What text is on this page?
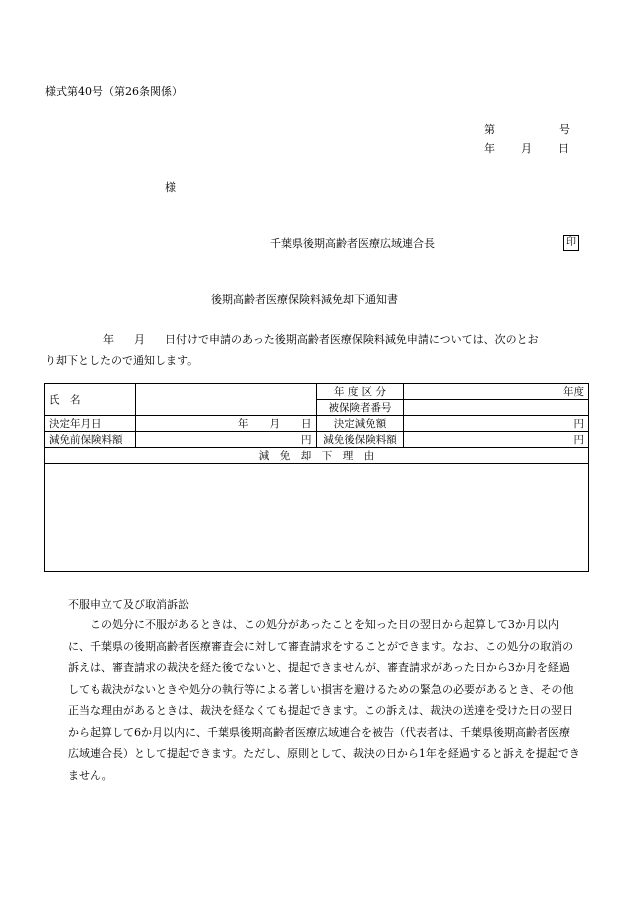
様式第40号（第26条関係）
第	号
年 月 日
様
千葉県後期高齢者医療広域連合長	印
後期高齢者医療保険料減免却下通知書
年 月 日付けで申請のあった後期高齢者医療保険料減免申請については、次のとお
り却下としたので通知します。
氏　名		年 度 区 分	年度
		被保険者番号	
決定年月日	年　　月　　日	決定減免額	円
減免前保険料額	円	減免後保険料額	円
減　免　却　下　理　由			

不服申立て及び取消訴訟
この処分に不服があるときは、この処分があったことを知った日の翌日から起算して3か月以内に、千葉県の後期高齢者医療審査会に対して審査請求をすることができます。なお、この処分の取消の訴えは、審査請求の裁決を経た後でないと、提起できませんが、審査請求があった日から3か月を経過しても裁決がないときや処分の執行等による著しい損害を避けるための緊急の必要があるとき、その他正当な理由があるときは、裁決を経なくても提起できます。この訴えは、裁決の送達を受けた日の翌日から起算して6か月以内に、千葉県後期高齢者医療広域連合を被告（代表者は、千葉県後期高齢者医療広域連合長）として提起できます。ただし、原則として、裁決の日から1年を経過すると訴えを提起できません。
